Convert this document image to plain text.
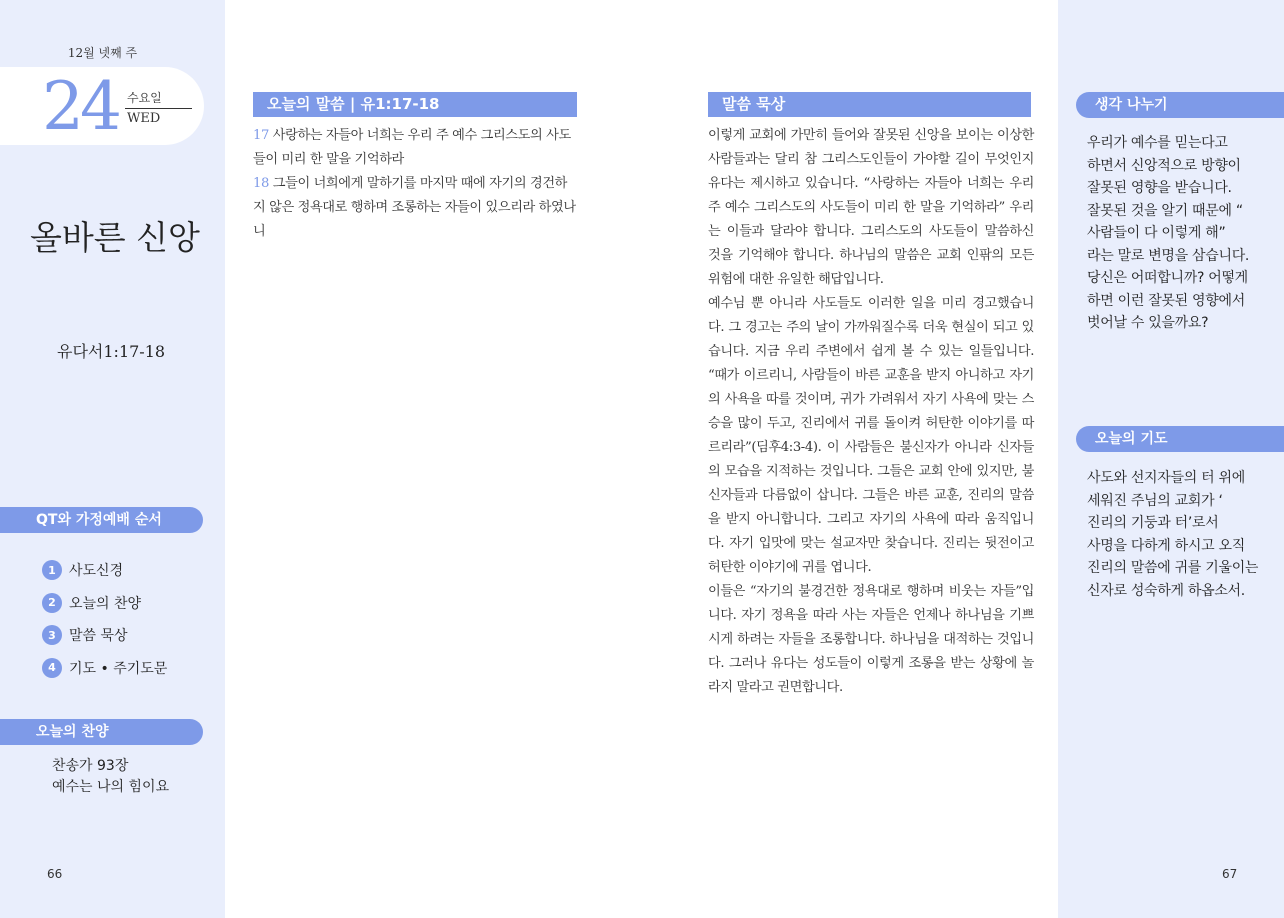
12월 넷째 주
24 수요일
WED
올바른 신앙
유다서1:17-18
QT와 가정예배 순서
1 사도신경
2 오늘의 찬양
3 말씀 묵상
4 기도 • 주기도문
오늘의 찬양
찬송가 93장
예수는 나의 힘이요
66
오늘의 말씀 | 유1:17-18
17 사랑하는 자들아 너희는 우리 주 예수 그리스도의 사도들이 미리 한 말을 기억하라
18 그들이 너희에게 말하기를 마지막 때에 자기의 경건하지 않은 정욕대로 행하며 조롱하는 자들이 있으리라 하였나니
말씀 묵상

이렇게 교회에 가만히 들어와 잘못된 신앙을 보이는 이상한 사람들과는 달리 참 그리스도인들이 가야할 길이 무엇인지 유다는 제시하고 있습니다. “사랑하는 자들아 너희는 우리 주 예수 그리스도의 사도들이 미리 한 말을 기억하라” 우리는 이들과 달라야 합니다. 그리스도의 사도들이 말씀하신 것을 기억해야 합니다. 하나님의 말씀은 교회 인팎의 모든 위험에 대한 유일한 해답입니다.

예수님 뿐 아니라 사도들도 이러한 일을 미리 경고했습니다. 그 경고는 주의 날이 가까워질수록 더욱 현실이 되고 있습니다. 지금 우리 주변에서 쉽게 볼 수 있는 일들입니다. “때가 이르리니, 사람들이 바른 교훈을 받지 아니하고 자기의 사욕을 따를 것이며, 귀가 가려워서 자기 사욕에 맞는 스승을 많이 두고, 진리에서 귀를 돌이켜 허탄한 이야기를 따르리라”(딤후4:3-4). 이 사람들은 불신자가 아니라 신자들의 모습을 지적하는 것입니다. 그들은 교회 안에 있지만, 불신자들과 다름없이 삽니다. 그들은 바른 교훈, 진리의 말씀을 받지 아니합니다. 그리고 자기의 사욕에 따라 움직입니다. 자기 입맛에 맞는 설교자만 찾습니다. 진리는 뒷전이고 허탄한 이야기에 귀를 엽니다.

이들은 “자기의 불경건한 정욕대로 행하며 비웃는 자들”입니다. 자기 정욕을 따라 사는 자들은 언제나 하나님을 기쁘시게 하려는 자들을 조롱합니다. 하나님을 대적하는 것입니다. 그러나 유다는 성도들이 이렇게 조롱을 받는 상황에 놀라지 말라고 권면합니다.

생각 나누기
우리가 예수를 믿는다고
하면서 신앙적으로 방향이
잘못된 영향을 받습니다.
잘못된 것을 알기 때문에 “
사람들이 다 이렇게 해”
라는 말로 변명을 삼습니다.
당신은 어떠합니까? 어떻게
하면 이런 잘못된 영향에서
벗어날 수 있을까요?
오늘의 기도
사도와 선지자들의 터 위에
세워진 주님의 교회가 ‘
진리의 기둥과 터’로서
사명을 다하게 하시고 오직
진리의 말씀에 귀를 기울이는
신자로 성숙하게 하옵소서.
67
